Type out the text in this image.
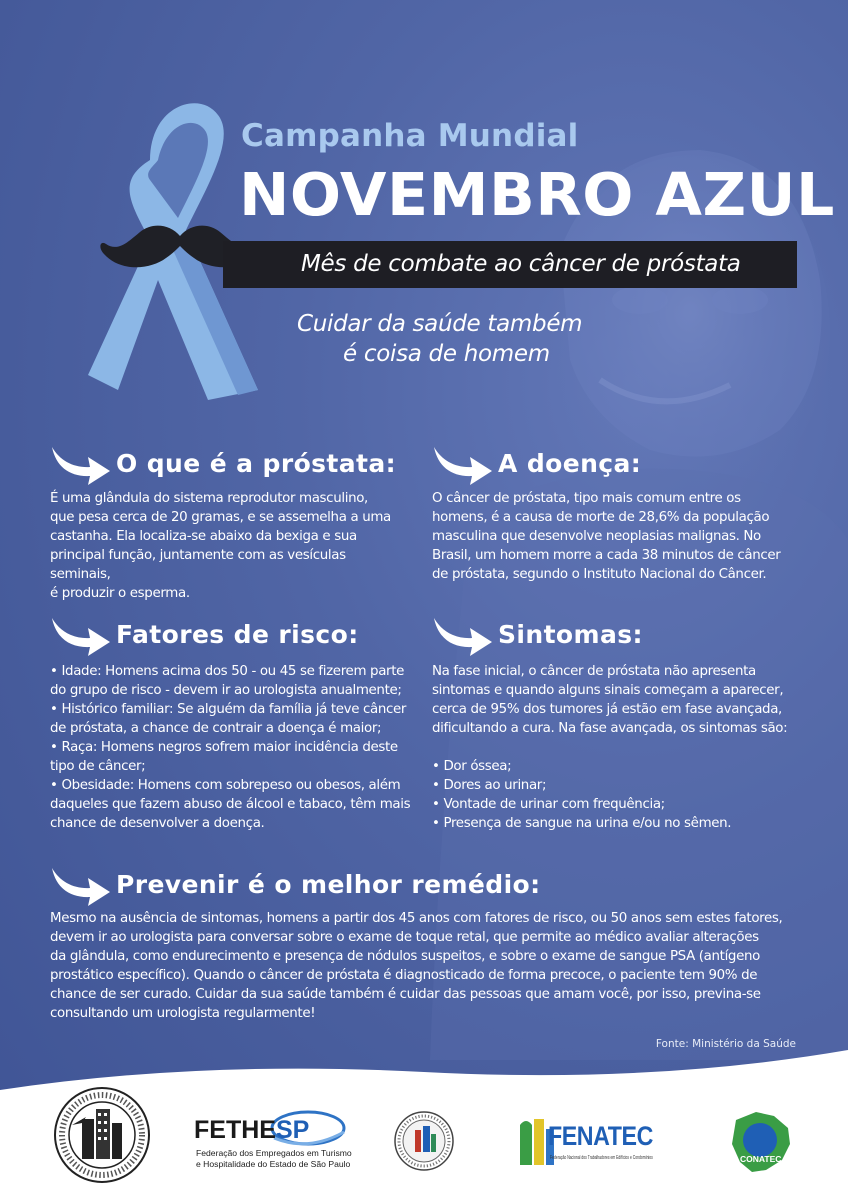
Campanha Mundial
NOVEMBRO AZUL
Mês de combate ao câncer de próstata
Cuidar da saúde também
é coisa de homem
O que é a próstata:

É uma glândula do sistema reprodutor masculino,

que pesa cerca de 20 gramas, e se assemelha a uma

castanha. Ela localiza-se abaixo da bexiga e sua

principal função, juntamente com as vesículas seminais,

é produzir o esperma.

A doença:

O câncer de próstata, tipo mais comum entre os

homens, é a causa de morte de 28,6% da população

masculina que desenvolve neoplasias malignas. No

Brasil, um homem morre a cada 38 minutos de câncer

de próstata, segundo o Instituto Nacional do Câncer.

Fatores de risco:

• Idade: Homens acima dos 50 - ou 45 se fizerem parte

do grupo de risco - devem ir ao urologista anualmente;

• Histórico familiar: Se alguém da família já teve câncer

de próstata, a chance de contrair a doença é maior;

• Raça: Homens negros sofrem maior incidência deste

tipo de câncer;

• Obesidade: Homens com sobrepeso ou obesos, além

daqueles que fazem abuso de álcool e tabaco, têm mais

chance de desenvolver a doença.

Sintomas:

Na fase inicial, o câncer de próstata não apresenta

sintomas e quando alguns sinais começam a aparecer,

cerca de 95% dos tumores já estão em fase avançada,

dificultando a cura. Na fase avançada, os sintomas são:

• Dor óssea;

• Dores ao urinar;

• Vontade de urinar com frequência;

• Presença de sangue na urina e/ou no sêmen.

Prevenir é o melhor remédio:

Mesmo na ausência de sintomas, homens a partir dos 45 anos com fatores de risco, ou 50 anos sem estes fatores,

devem ir ao urologista para conversar sobre o exame de toque retal, que permite ao médico avaliar alterações

da glândula, como endurecimento e presença de nódulos suspeitos, e sobre o exame de sangue PSA (antígeno

prostático específico). Quando o câncer de próstata é diagnosticado de forma precoce, o paciente tem 90% de

chance de ser curado. Cuidar da sua saúde também é cuidar das pessoas que amam você, por isso, previna-se

consultando um urologista regularmente!

Fonte: Ministério da Saúde
FETHESP
Federação dos Empregados em Turismo
e Hospitalidade do Estado de São Paulo
FENATEC
Federação Nacional dos Trabalhadores em Edifícios e Condomínios	CONATEC
